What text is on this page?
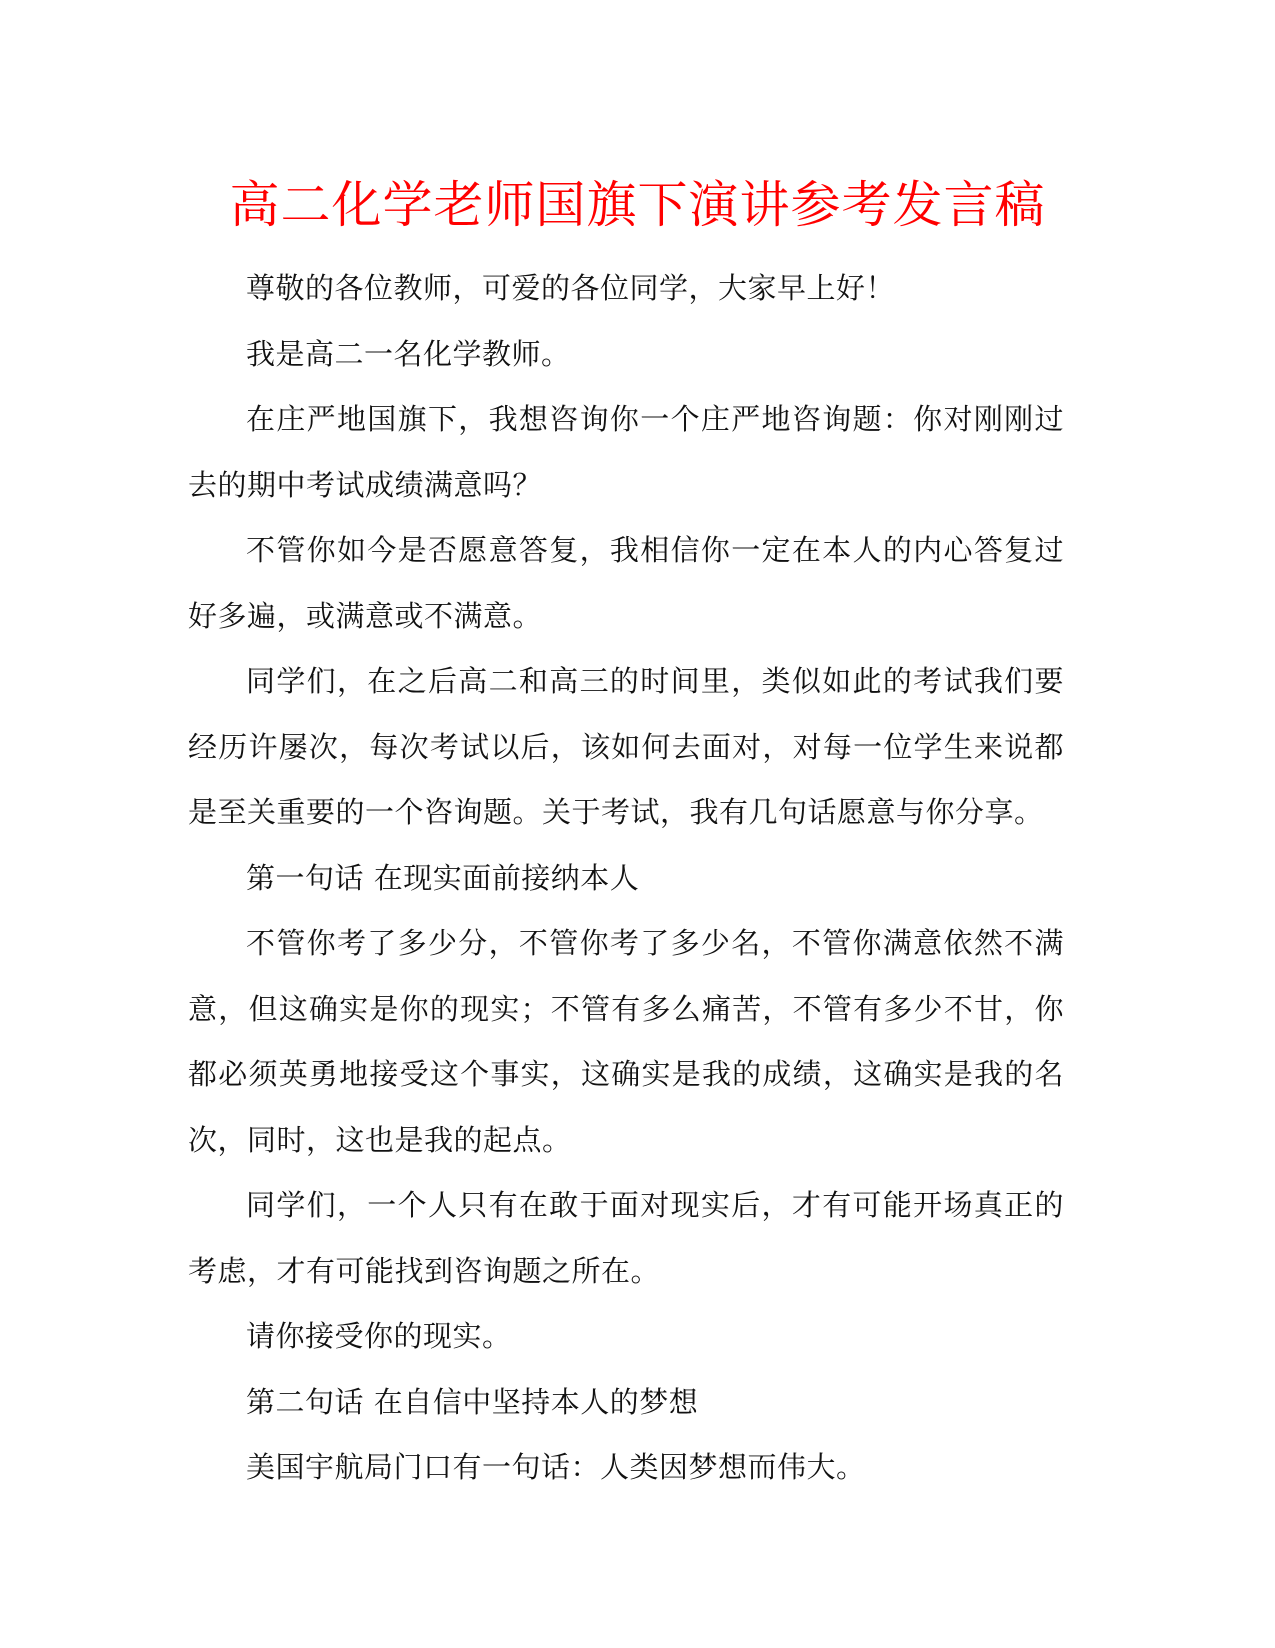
高二化学老师国旗下演讲参考发言稿

尊敬的各位教师，可爱的各位同学，大家早上好！

我是高二一名化学教师。

在庄严地国旗下，我想咨询你一个庄严地咨询题：你对刚刚过去的期中考试成绩满意吗？

不管你如今是否愿意答复，我相信你一定在本人的内心答复过好多遍，或满意或不满意。

同学们，在之后高二和高三的时间里，类似如此的考试我们要经历许屡次，每次考试以后，该如何去面对，对每一位学生来说都是至关重要的一个咨询题。关于考试，我有几句话愿意与你分享。

第一句话 在现实面前接纳本人

不管你考了多少分，不管你考了多少名，不管你满意依然不满意，但这确实是你的现实；不管有多么痛苦，不管有多少不甘，你都必须英勇地接受这个事实，这确实是我的成绩，这确实是我的名次，同时，这也是我的起点。

同学们，一个人只有在敢于面对现实后，才有可能开场真正的考虑，才有可能找到咨询题之所在。

请你接受你的现实。

第二句话 在自信中坚持本人的梦想

美国宇航局门口有一句话：人类因梦想而伟大。
